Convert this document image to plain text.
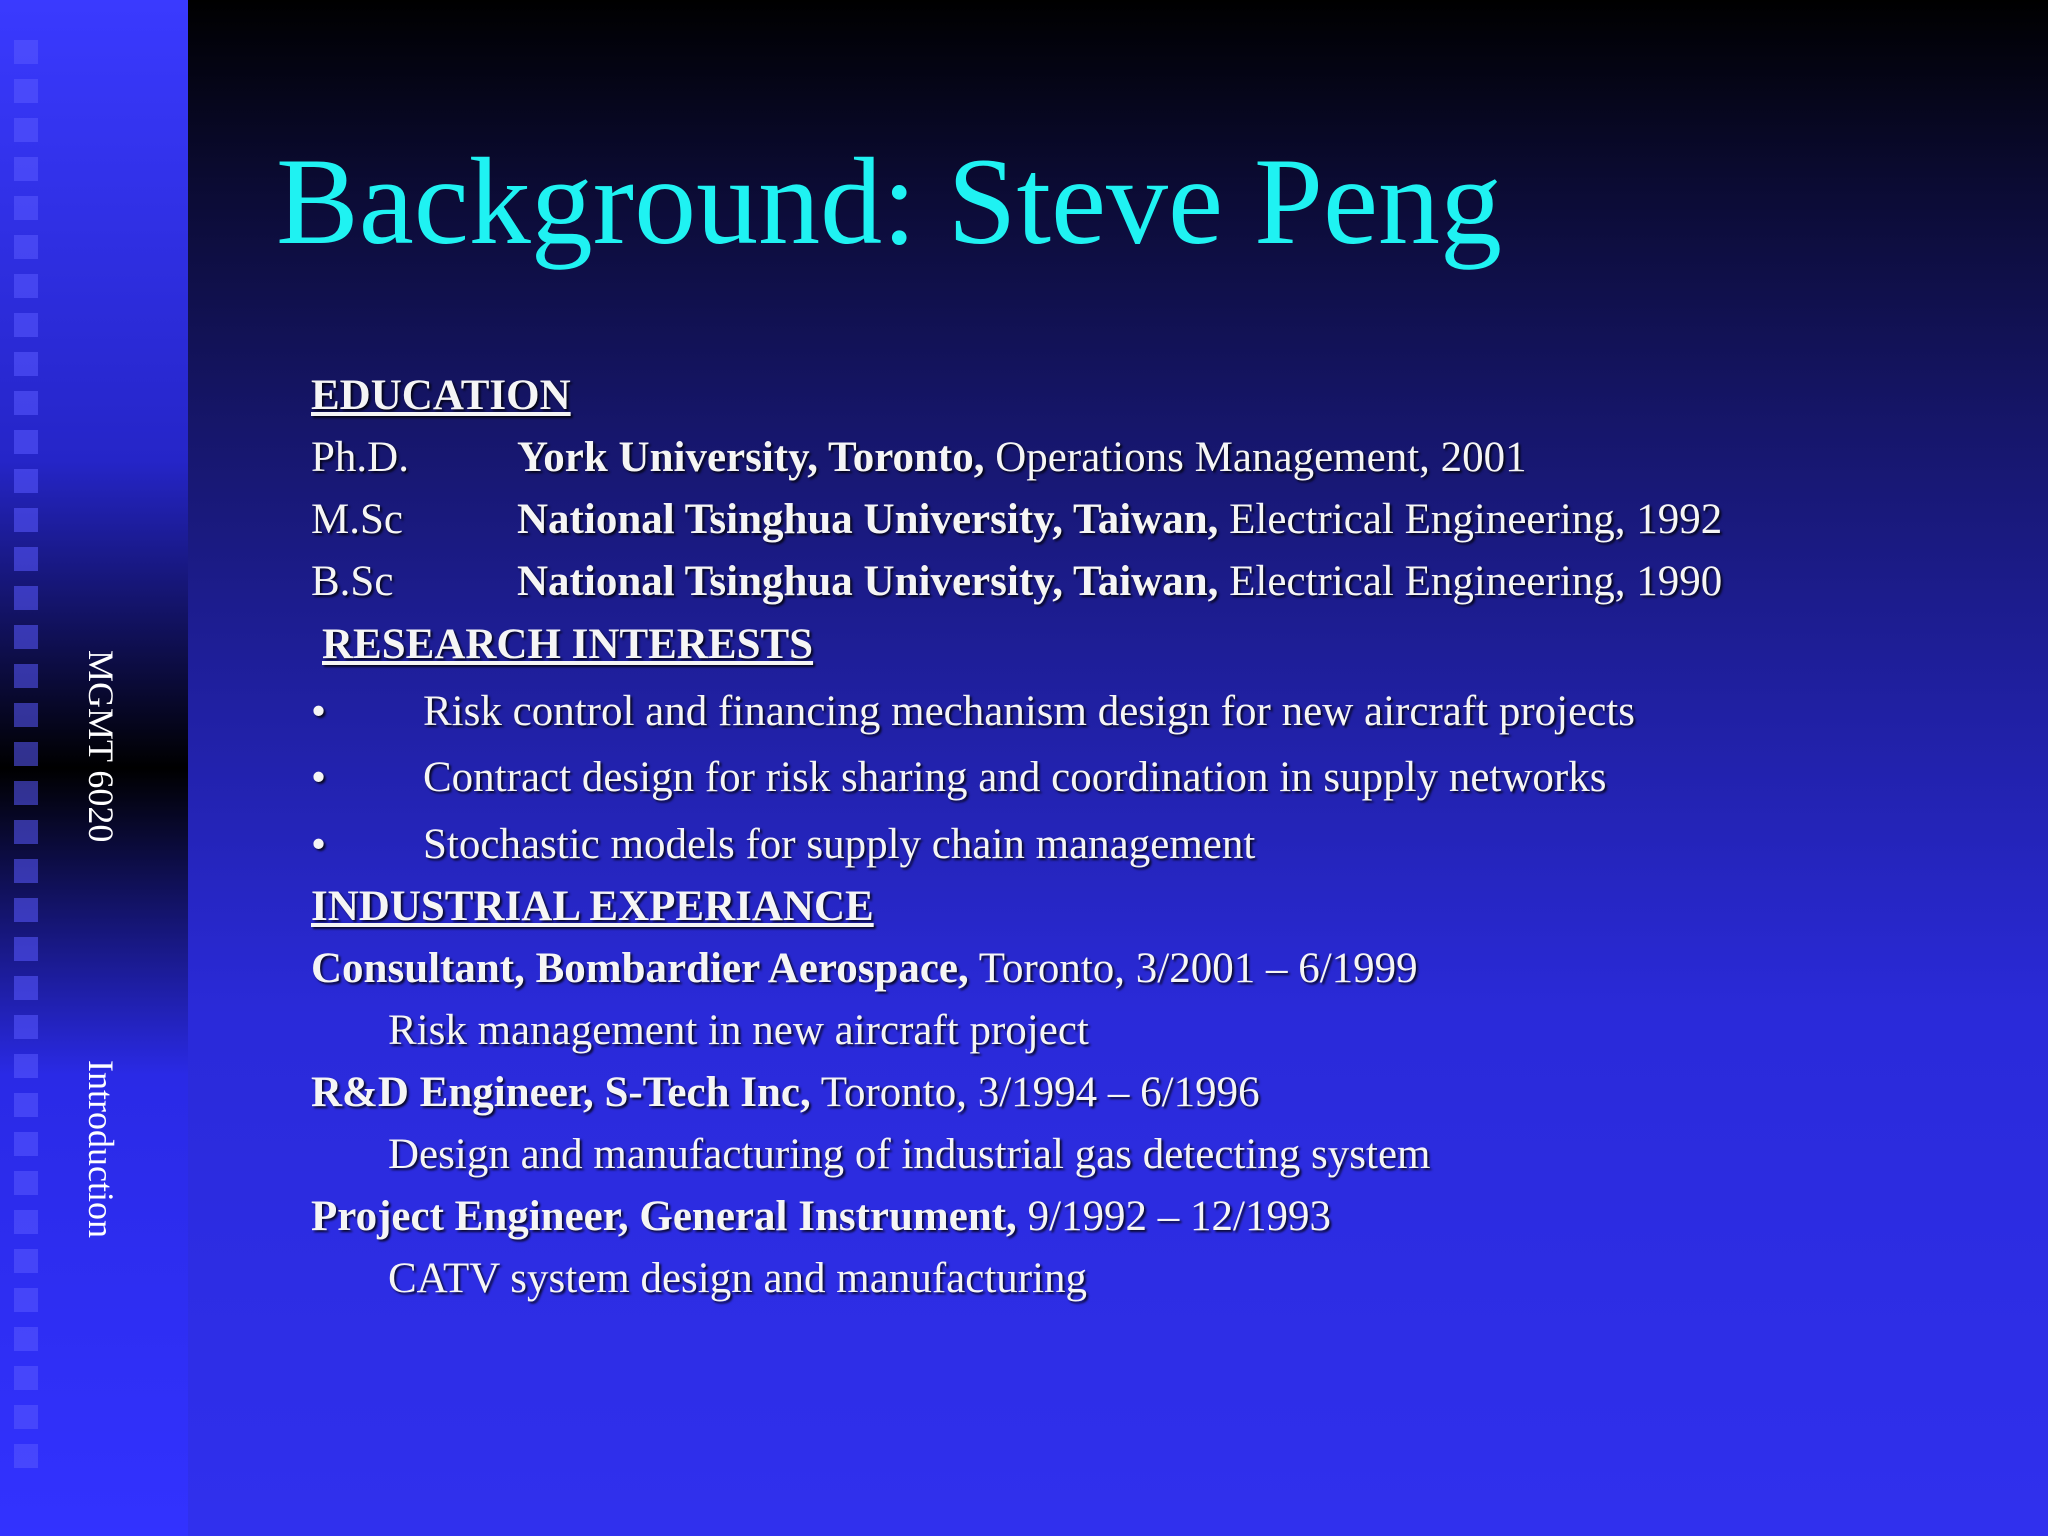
MGMT 6020
Introduction
Background: Steve Peng
EDUCATION
Ph.D.	York University, Toronto, Operations Management, 2001
M.Sc	National Tsinghua University, Taiwan, Electrical Engineering, 1992
B.Sc	National Tsinghua University, Taiwan, Electrical Engineering, 1990
RESEARCH INTERESTS
• Risk control and financing mechanism design for new aircraft projects
• Contract design for risk sharing and coordination in supply networks
• Stochastic models for supply chain management
INDUSTRIAL EXPERIANCE
Consultant, Bombardier Aerospace, Toronto, 3/2001 – 6/1999
Risk management in new aircraft project
R&D Engineer, S-Tech Inc, Toronto, 3/1994 – 6/1996
Design and manufacturing of industrial gas detecting system
Project Engineer, General Instrument, 9/1992 – 12/1993
CATV system design and manufacturing
